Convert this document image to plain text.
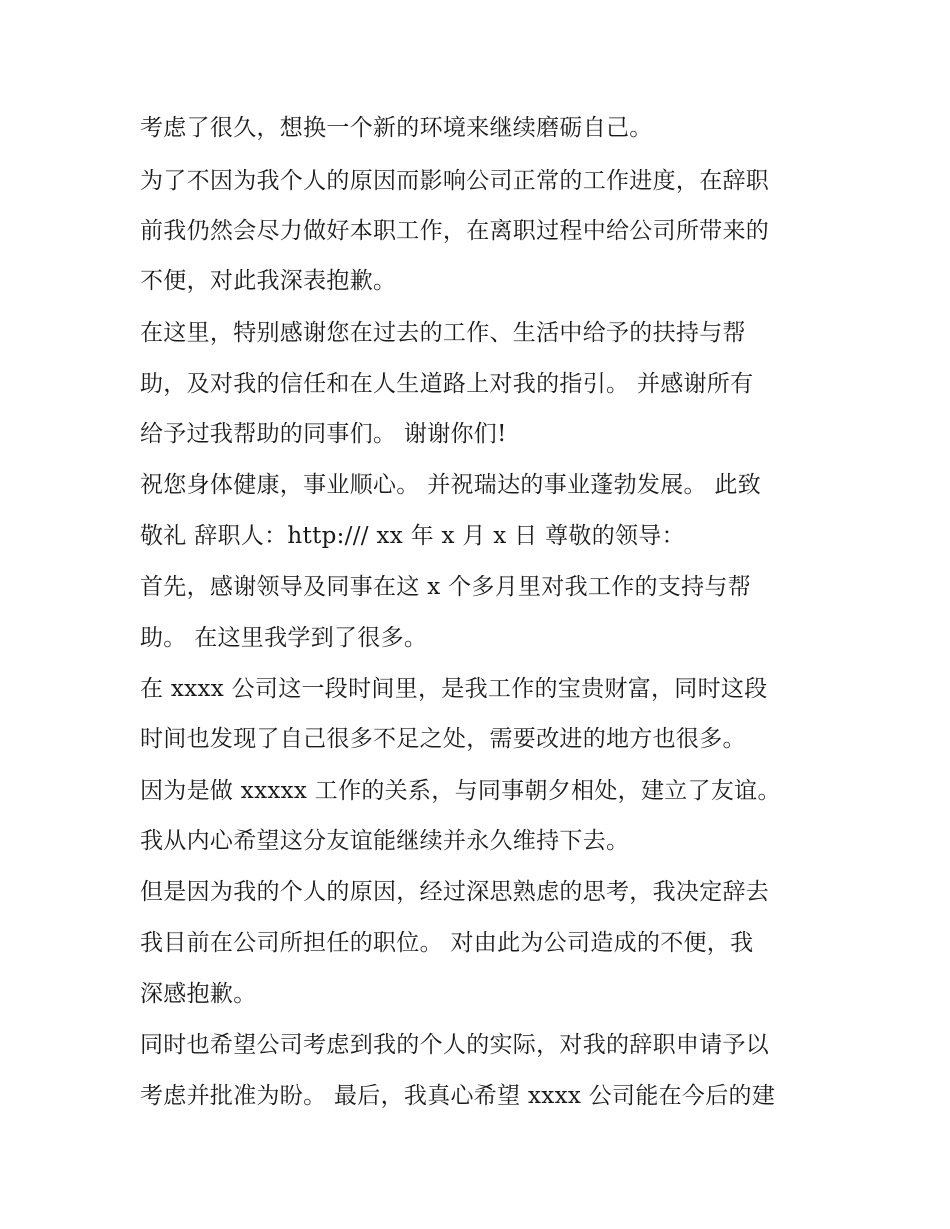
考虑了很久，想换一个新的环境来继续磨砺自己。
为了不因为我个人的原因而影响公司正常的工作进度，在辞职
前我仍然会尽力做好本职工作，在离职过程中给公司所带来的
不便，对此我深表抱歉。
在这里，特别感谢您在过去的工作、生活中给予的扶持与帮
助，及对我的信任和在人生道路上对我的指引。 并感谢所有
给予过我帮助的同事们。 谢谢你们!
祝您身体健康，事业顺心。 并祝瑞达的事业蓬勃发展。 此致
敬礼 辞职人：http:/// xx 年 x 月 x 日 尊敬的领导：
首先，感谢领导及同事在这 x 个多月里对我工作的支持与帮
助。 在这里我学到了很多。
在 xxxx 公司这一段时间里，是我工作的宝贵财富，同时这段
时间也发现了自己很多不足之处，需要改进的地方也很多。
因为是做 xxxxx 工作的关系，与同事朝夕相处，建立了友谊。
我从内心希望这分友谊能继续并永久维持下去。
但是因为我的个人的原因，经过深思熟虑的思考，我决定辞去
我目前在公司所担任的职位。 对由此为公司造成的不便，我
深感抱歉。
同时也希望公司考虑到我的个人的实际，对我的辞职申请予以
考虑并批准为盼。 最后，我真心希望 xxxx 公司能在今后的建
